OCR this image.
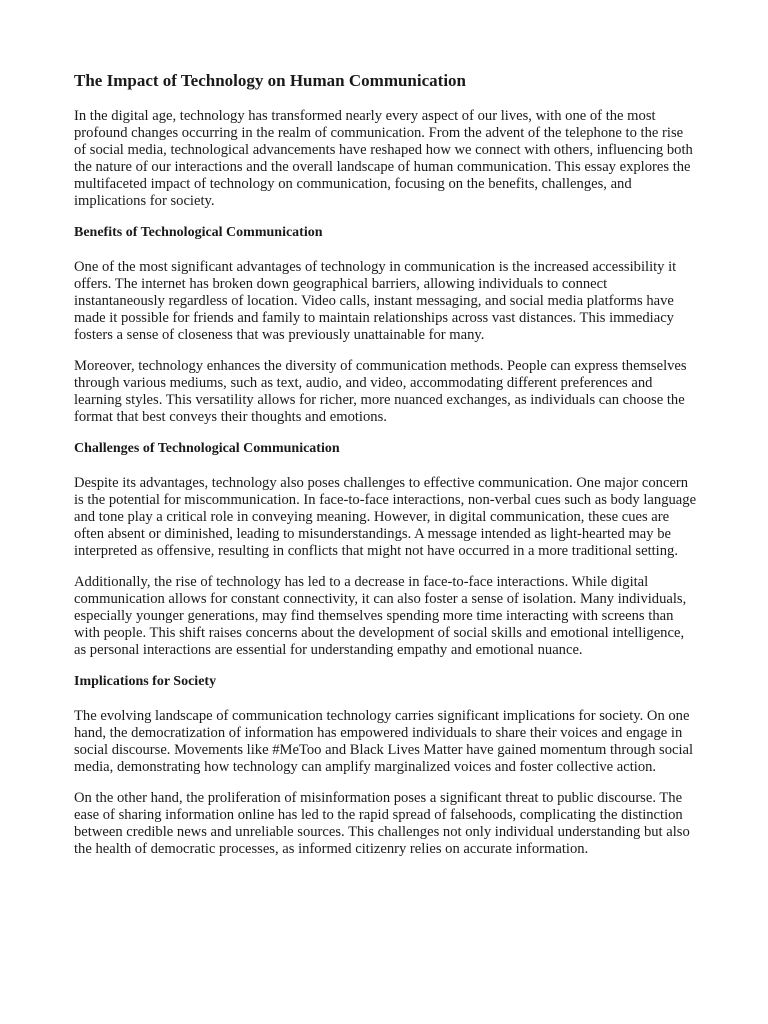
The Impact of Technology on Human Communication

In the digital age, technology has transformed nearly every aspect of our lives, with one of the most profound changes occurring in the realm of communication. From the advent of the telephone to the rise of social media, technological advancements have reshaped how we connect with others, influencing both the nature of our interactions and the overall landscape of human communication. This essay explores the multifaceted impact of technology on communication, focusing on the benefits, challenges, and implications for society.

Benefits of Technological Communication

One of the most significant advantages of technology in communication is the increased accessibility it offers. The internet has broken down geographical barriers, allowing individuals to connect instantaneously regardless of location. Video calls, instant messaging, and social media platforms have made it possible for friends and family to maintain relationships across vast distances. This immediacy fosters a sense of closeness that was previously unattainable for many.

Moreover, technology enhances the diversity of communication methods. People can express themselves through various mediums, such as text, audio, and video, accommodating different preferences and learning styles. This versatility allows for richer, more nuanced exchanges, as individuals can choose the format that best conveys their thoughts and emotions.

Challenges of Technological Communication

Despite its advantages, technology also poses challenges to effective communication. One major concern is the potential for miscommunication. In face-to-face interactions, non-verbal cues such as body language and tone play a critical role in conveying meaning. However, in digital communication, these cues are often absent or diminished, leading to misunderstandings. A message intended as light-hearted may be interpreted as offensive, resulting in conflicts that might not have occurred in a more traditional setting.

Additionally, the rise of technology has led to a decrease in face-to-face interactions. While digital communication allows for constant connectivity, it can also foster a sense of isolation. Many individuals, especially younger generations, may find themselves spending more time interacting with screens than with people. This shift raises concerns about the development of social skills and emotional intelligence, as personal interactions are essential for understanding empathy and emotional nuance.

Implications for Society

The evolving landscape of communication technology carries significant implications for society. On one hand, the democratization of information has empowered individuals to share their voices and engage in social discourse. Movements like #MeToo and Black Lives Matter have gained momentum through social media, demonstrating how technology can amplify marginalized voices and foster collective action.

On the other hand, the proliferation of misinformation poses a significant threat to public discourse. The ease of sharing information online has led to the rapid spread of falsehoods, complicating the distinction between credible news and unreliable sources. This challenges not only individual understanding but also the health of democratic processes, as informed citizenry relies on accurate information.
